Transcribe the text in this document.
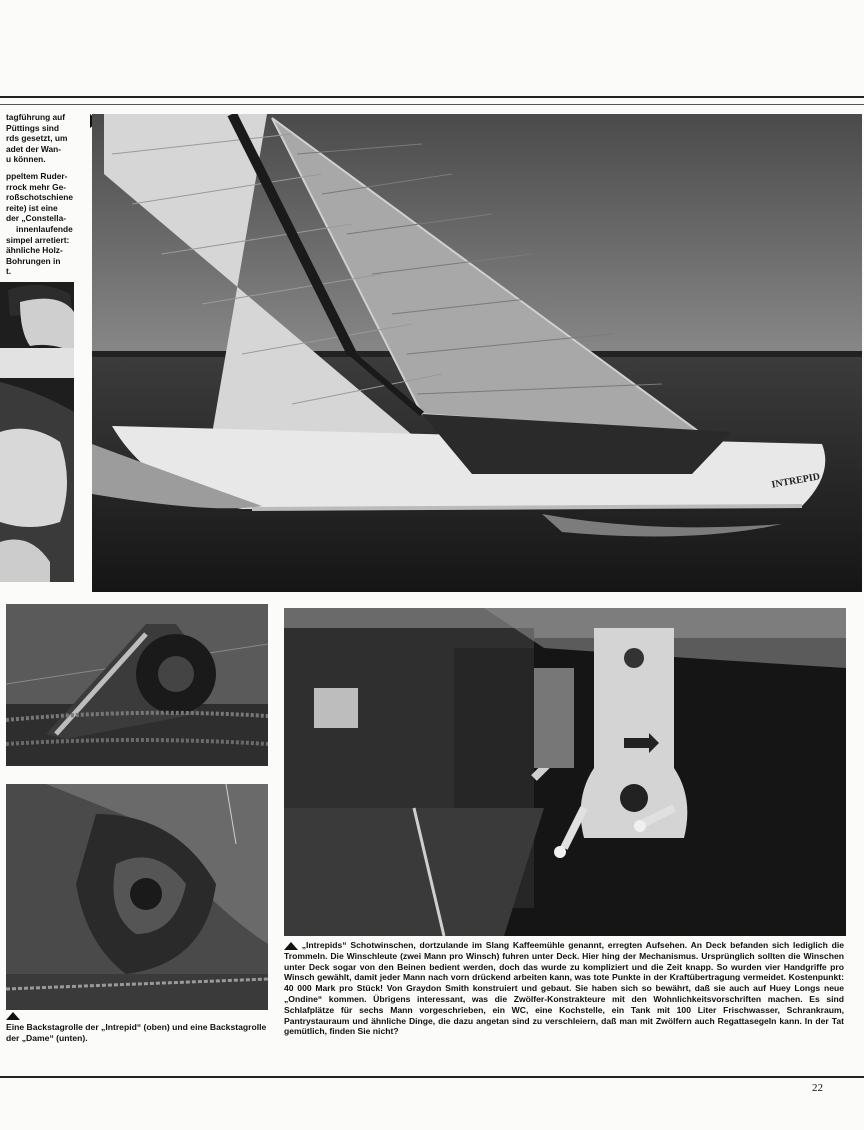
tagführung auf

Püttings sind

rds gesetzt, um

adet der Wan-

u können.

ppeltem Ruder-

rrock mehr Ge-

roßschotschiene

reite) ist eine

der „Constella-

innenlaufende

simpel arretiert:

ähnliche Holz-

Bohrungen in

t.

INTREPID
„Intrepids“ Schotwinschen, dortzulande im Slang Kaffeemühle genannt, erregten Aufsehen. An Deck befanden sich lediglich die Trommeln. Die Winschleute (zwei Mann pro Winsch) fuhren unter Deck. Hier hing der Mechanismus. Ursprünglich sollten die Winschen unter Deck sogar von den Beinen bedient werden, doch das wurde zu kompliziert und die Zeit knapp. So wurden vier Handgriffe pro Winsch gewählt, damit jeder Mann nach vorn drückend arbeiten kann, was tote Punkte in der Kraftübertragung vermeidet. Kostenpunkt: 40 000 Mark pro Stück! Von Graydon Smith konstruiert und gebaut. Sie haben sich so bewährt, daß sie auch auf Huey Longs neue „Ondine“ kommen. Übrigens interessant, was die Zwölfer-Konstrakteure mit den Wohnlichkeitsvorschriften machen. Es sind Schlafplätze für sechs Mann vorgeschrieben, ein WC, eine Kochstelle, ein Tank mit 100 Liter Frischwasser, Schrankraum, Pantrystauraum und ähnliche Dinge, die dazu angetan sind zu verschleiern, daß man mit Zwölfern auch Regattasegeln kann. In der Tat gemütlich, finden Sie nicht?
Eine Backstagrolle der „Intrepid“ (oben) und eine Backstagrolle der „Dame“ (unten).
22
